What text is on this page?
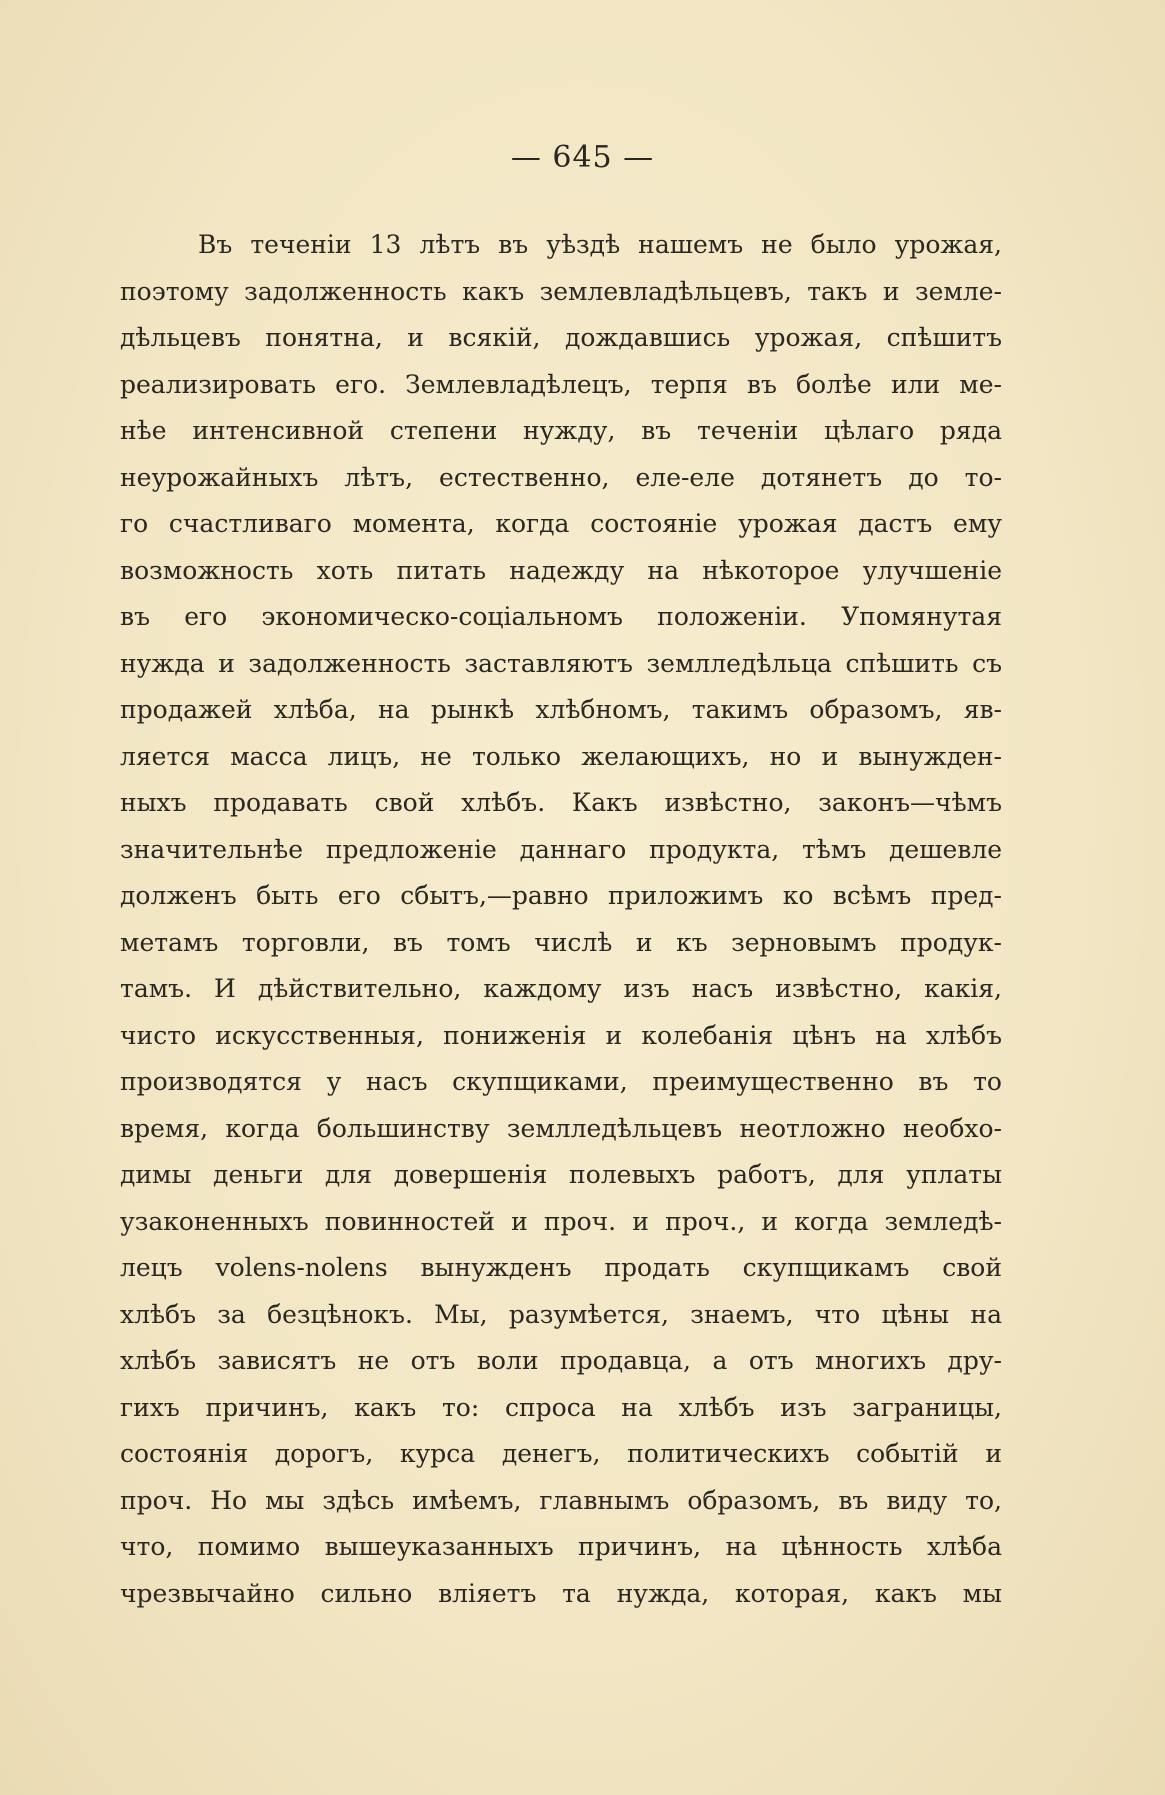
— 645 —
Въ теченіи 13 лѣтъ въ уѣздѣ нашемъ не было урожая,
поэтому задолженность какъ землевладѣльцевъ, такъ и земле-
дѣльцевъ понятна, и всякій, дождавшись урожая, спѣшитъ
реализировать его. Землевладѣлецъ, терпя въ болѣе или ме-
нѣе интенсивной степени нужду, въ теченіи цѣлаго ряда
неурожайныхъ лѣтъ, естественно, еле-еле дотянетъ до то-
го счастливаго момента, когда состояніе урожая дастъ ему
возможность хоть питать надежду на нѣкоторое улучшеніе
въ его экономическо-соціальномъ положеніи. Упомянутая
нужда и задолженность заставляютъ землледѣльца спѣшить съ
продажей хлѣба, на рынкѣ хлѣбномъ, такимъ образомъ, яв-
ляется масса лицъ, не только желающихъ, но и вынужден-
ныхъ продавать свой хлѣбъ. Какъ извѣстно, законъ—чѣмъ
значительнѣе предложеніе даннаго продукта, тѣмъ дешевле
долженъ быть его сбытъ,—равно приложимъ ко всѣмъ пред-
метамъ торговли, въ томъ числѣ и къ зерновымъ продук-
тамъ. И дѣйствительно, каждому изъ насъ извѣстно, какія,
чисто искусственныя, пониженія и колебанія цѣнъ на хлѣбъ
производятся у насъ скупщиками, преимущественно въ то
время, когда большинству землледѣльцевъ неотложно необхо-
димы деньги для довершенія полевыхъ работъ, для уплаты
узаконенныхъ повинностей и проч. и проч., и когда земледѣ-
лецъ volens-nolens вынужденъ продать скупщикамъ свой
хлѣбъ за безцѣнокъ. Мы, разумѣется, знаемъ, что цѣны на
хлѣбъ зависятъ не отъ воли продавца, а отъ многихъ дру-
гихъ причинъ, какъ то: спроса на хлѣбъ изъ заграницы,
состоянія дорогъ, курса денегъ, политическихъ событій и
проч. Но мы здѣсь имѣемъ, главнымъ образомъ, въ виду то,
что, помимо вышеуказанныхъ причинъ, на цѣнность хлѣба
чрезвычайно сильно вліяетъ та нужда, которая, какъ мы
